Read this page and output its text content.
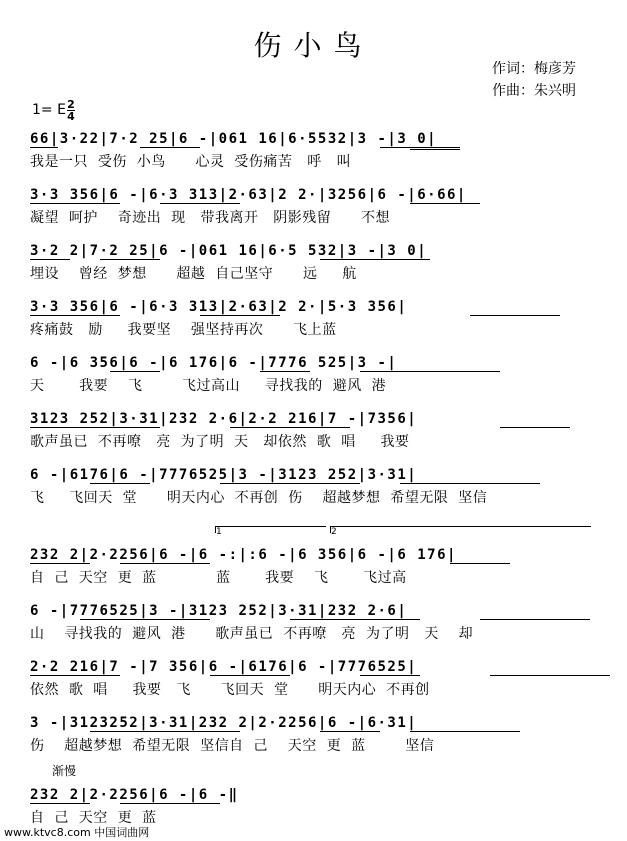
伤小鸟
作词：梅彦芳
作曲：朱兴明
1= E $\frac{2}{4}$
66|3·22|7·2 25|6 -|061 16|6·5532|3 -|3 0|
我是一只  受伤  小鸟      心灵  受伤痛苦   呼   叫
3·3 356|6 -|6·3 313|2·63|2 2·|3256|6 -|6·66|
凝望  呵护    奇迹出  现   带我离开   阴影残留      不想
3·2 2|7·2 25|6 -|061 16|6·5 532|3 -|3 0|
埋设    曾经  梦想      超越  自己坚守      远     航
3·3 356|6 -|6·3 313|2·63|2 2·|5·3 356|
疼痛鼓   励     我要坚    强坚持再次      飞上蓝
6 -|6 356|6 -|6 176|6 -|7776 525|3 -|
天       我要    飞        飞过高山     寻找我的  避风  港
3123 252|3·31|232 2·6|2·2 216|7 -|7356|
歌声虽已  不再嘹   亮  为了明  天   却依然  歌  唱     我要
6 -|6176|6 -|7776525|3 -|3123 252|3·31|
飞     飞回天  堂      明天内心  不再创  伤    超越梦想  希望无限  坚信
1	2
232 2|2·2256|6 -|6 -:|:6 -|6 356|6 -|6 176|
自  己  天空  更  蓝            蓝       我要    飞       飞过高
6 -|7776525|3 -|3123 252|3·31|232 2·6|
山    寻找我的  避风  港      歌声虽已  不再嘹   亮  为了明   天    却
2·2 216|7 -|7 356|6 -|6176|6 -|7776525|
依然  歌  唱     我要   飞      飞回天  堂      明天内心  不再创
3 -|3123252|3·31|232 2|2·2256|6 -|6·31|
伤    超越梦想  希望无限  坚信自  己    天空  更  蓝        坚信
渐慢
232 2|2·2256|6 -|6 -‖
自  己  天空  更  蓝
www.ktvc8.com 中国词曲网
